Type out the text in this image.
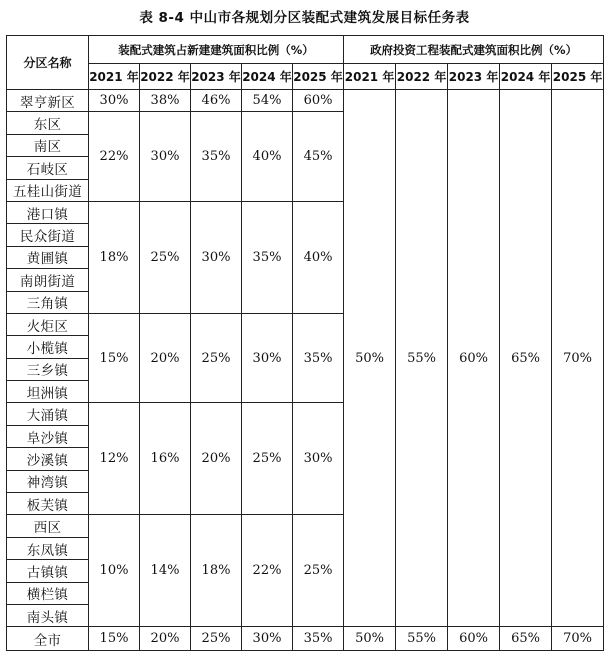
表 8-4 中山市各规划分区装配式建筑发展目标任务表
分区名称	装配式建筑占新建建筑面积比例（%）					政府投资工程装配式建筑面积比例（%）				
	2021 年	2022 年	2023 年	2024 年	2025 年	2021 年	2022 年	2023 年	2024 年	2025 年
翠亨新区	30%	38%	46%	54%	60%	50%	55%	60%	65%	70%
东区	22%	30%	35%	40%	45%					
南区										
石岐区										
五桂山街道										
港口镇	18%	25%	30%	35%	40%					
民众街道										
黄圃镇										
南朗街道										
三角镇										
火炬区	15%	20%	25%	30%	35%					
小榄镇										
三乡镇										
坦洲镇										
大涌镇	12%	16%	20%	25%	30%					
阜沙镇										
沙溪镇										
神湾镇										
板芙镇										
西区	10%	14%	18%	22%	25%					
东凤镇										
古镇镇										
横栏镇										
南头镇										
全市	15%	20%	25%	30%	35%	50%	55%	60%	65%	70%
